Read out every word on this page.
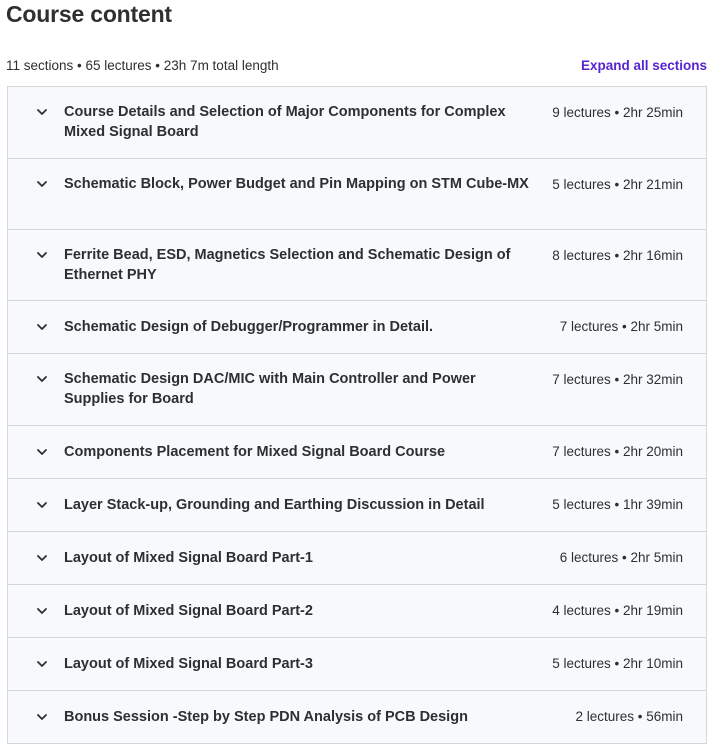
Course content
11 sections • 65 lectures • 23h 7m total length	Expand all sections
Course Details and Selection of Major Components for Complex Mixed Signal Board
9 lectures • 2hr 25min
Schematic Block, Power Budget and Pin Mapping on STM Cube-MX	5 lectures • 2hr 21min
Ferrite Bead, ESD, Magnetics Selection and Schematic Design of Ethernet PHY
8 lectures • 2hr 16min
Schematic Design of Debugger/Programmer in Detail.	7 lectures • 2hr 5min
Schematic Design DAC/MIC with Main Controller and Power Supplies for Board
7 lectures • 2hr 32min
Components Placement for Mixed Signal Board Course	7 lectures • 2hr 20min
Layer Stack-up, Grounding and Earthing Discussion in Detail	5 lectures • 1hr 39min
Layout of Mixed Signal Board Part-1	6 lectures • 2hr 5min
Layout of Mixed Signal Board Part-2	4 lectures • 2hr 19min
Layout of Mixed Signal Board Part-3	5 lectures • 2hr 10min
Bonus Session -Step by Step PDN Analysis of PCB Design	2 lectures • 56min
